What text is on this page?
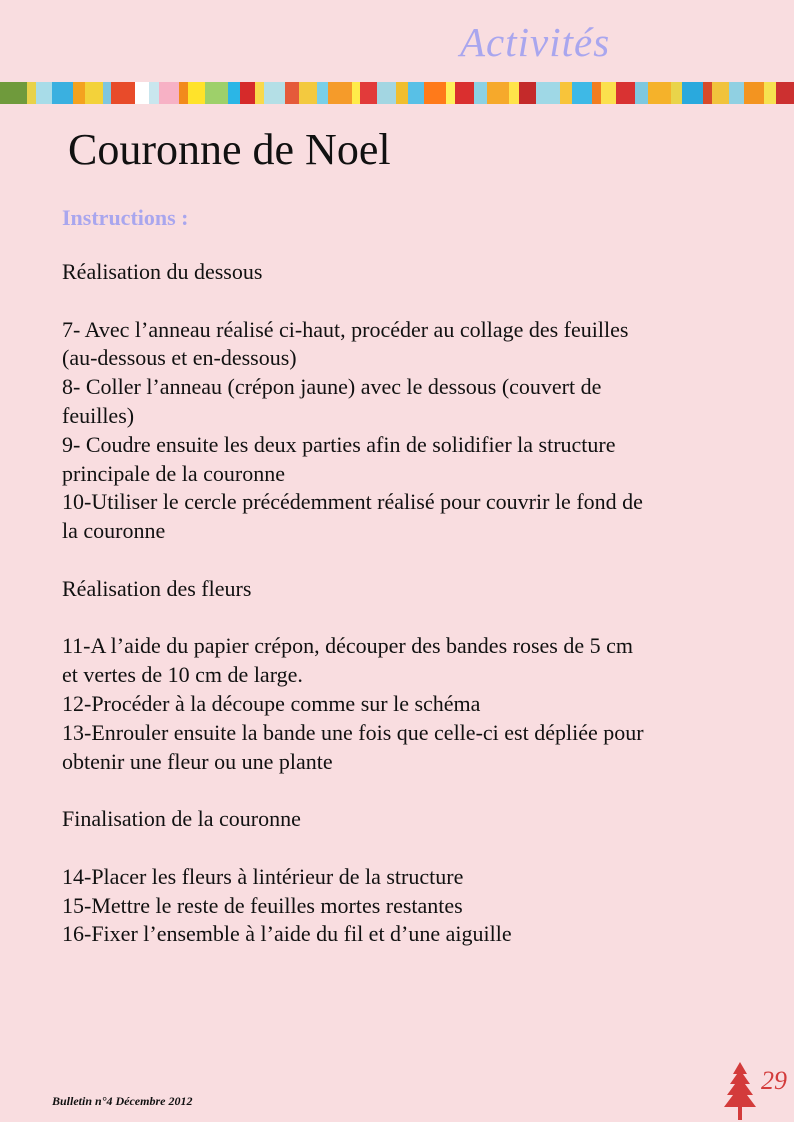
Activités
Couronne de Noel
Instructions :
Réalisation du dessous
7- Avec l’anneau réalisé ci-haut, procéder au collage des feuilles
(au-dessous et en-dessous)
8- Coller l’anneau (crépon jaune) avec le dessous (couvert de
feuilles)
9- Coudre ensuite les deux parties afin de solidifier la structure
principale de la couronne
10-Utiliser le cercle précédemment réalisé pour couvrir le fond de
la couronne
Réalisation des fleurs
11-A l’aide du papier crépon, découper des bandes roses de 5 cm
et vertes de 10 cm de large.
12-Procéder à la découpe comme sur le schéma
13-Enrouler ensuite la bande une fois que celle-ci est dépliée pour
obtenir une fleur ou une plante
Finalisation de la couronne
14-Placer les fleurs à lintérieur de la structure
15-Mettre le reste de feuilles mortes restantes
16-Fixer l’ensemble à l’aide du fil et d’une aiguille
Bulletin n°4 Décembre 2012
29
